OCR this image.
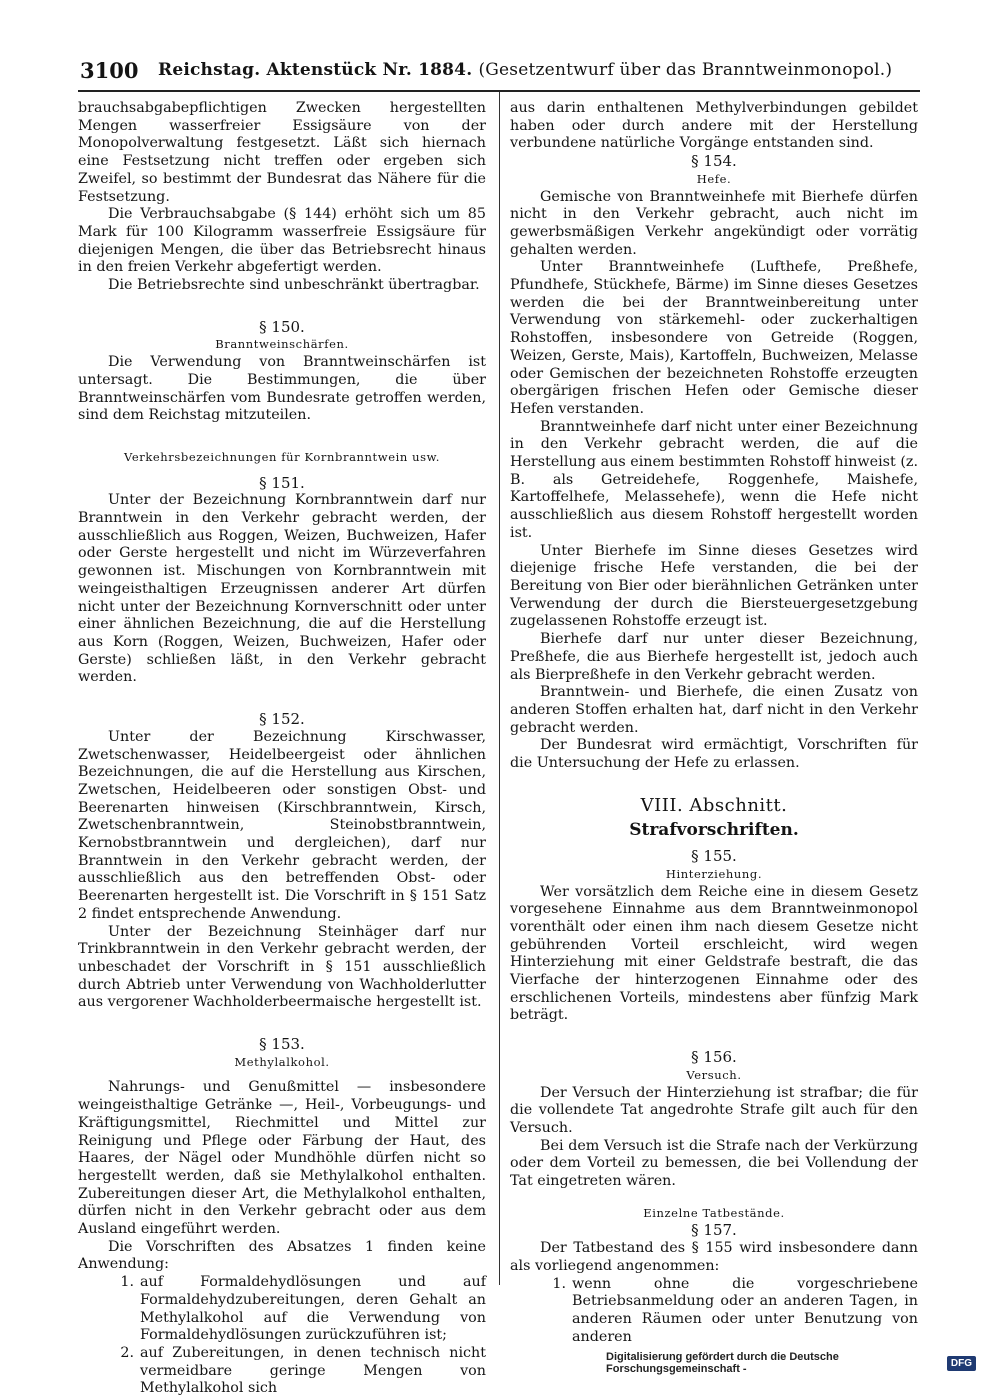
3100 Reichstag. Aktenstück Nr. 1884. (Gesetzentwurf über das Branntweinmonopol.)

brauchsabgabepflichtigen Zwecken hergestellten Mengen wasserfreier Essigsäure von der Monopolverwaltung festgesetzt. Läßt sich hiernach eine Festsetzung nicht treffen oder ergeben sich Zweifel, so bestimmt der Bundesrat das Nähere für die Festsetzung.

Die Verbrauchsabgabe (§ 144) erhöht sich um 85 Mark für 100 Kilogramm wasserfreie Essigsäure für diejenigen Mengen, die über das Betriebsrecht hinaus in den freien Verkehr abgefertigt werden.

Die Betriebsrechte sind unbeschränkt übertragbar.

§ 150.

Branntweinschärfen.

Die Verwendung von Branntweinschärfen ist untersagt. Die Bestimmungen, die über Branntweinschärfen vom Bundesrate getroffen werden, sind dem Reichstag mitzuteilen.

Verkehrsbezeichnungen für Kornbranntwein usw.

§ 151.

Unter der Bezeichnung Kornbranntwein darf nur Branntwein in den Verkehr gebracht werden, der ausschließlich aus Roggen, Weizen, Buchweizen, Hafer oder Gerste hergestellt und nicht im Würzeverfahren gewonnen ist. Mischungen von Kornbranntwein mit weingeisthaltigen Erzeugnissen anderer Art dürfen nicht unter der Bezeichnung Kornverschnitt oder unter einer ähnlichen Bezeichnung, die auf die Herstellung aus Korn (Roggen, Weizen, Buchweizen, Hafer oder Gerste) schließen läßt, in den Verkehr gebracht werden.

§ 152.

Unter der Bezeichnung Kirschwasser, Zwetschenwasser, Heidelbeergeist oder ähnlichen Bezeichnungen, die auf die Herstellung aus Kirschen, Zwetschen, Heidelbeeren oder sonstigen Obst- und Beerenarten hinweisen (Kirschbranntwein, Kirsch, Zwetschenbranntwein, Steinobstbranntwein, Kernobstbranntwein und dergleichen), darf nur Branntwein in den Verkehr gebracht werden, der ausschließlich aus den betreffenden Obst- oder Beerenarten hergestellt ist. Die Vorschrift in § 151 Satz 2 findet entsprechende Anwendung.

Unter der Bezeichnung Steinhäger darf nur Trinkbranntwein in den Verkehr gebracht werden, der unbeschadet der Vorschrift in § 151 ausschließlich durch Abtrieb unter Verwendung von Wachholderlutter aus vergorener Wachholderbeermaische hergestellt ist.

§ 153.

Methylalkohol.

Nahrungs- und Genußmittel — insbesondere weingeisthaltige Getränke —, Heil-, Vorbeugungs- und Kräftigungsmittel, Riechmittel und Mittel zur Reinigung und Pflege oder Färbung der Haut, des Haares, der Nägel oder Mundhöhle dürfen nicht so hergestellt werden, daß sie Methylalkohol enthalten. Zubereitungen dieser Art, die Methylalkohol enthalten, dürfen nicht in den Verkehr gebracht oder aus dem Ausland eingeführt werden.

Die Vorschriften des Absatzes 1 finden keine Anwendung:

1. auf Formaldehydlösungen und auf Formaldehydzubereitungen, deren Gehalt an Methylalkohol auf die Verwendung von Formaldehydlösungen zurückzuführen ist;
2. auf Zubereitungen, in denen technisch nicht vermeidbare geringe Mengen von Methylalkohol sich

aus darin enthaltenen Methylverbindungen gebildet haben oder durch andere mit der Herstellung verbundene natürliche Vorgänge entstanden sind.

§ 154.

Hefe.

Gemische von Branntweinhefe mit Bierhefe dürfen nicht in den Verkehr gebracht, auch nicht im gewerbsmäßigen Verkehr angekündigt oder vorrätig gehalten werden.

Unter Branntweinhefe (Lufthefe, Preßhefe, Pfundhefe, Stückhefe, Bärme) im Sinne dieses Gesetzes werden die bei der Branntweinbereitung unter Verwendung von stärkemehl- oder zuckerhaltigen Rohstoffen, insbesondere von Getreide (Roggen, Weizen, Gerste, Mais), Kartoffeln, Buchweizen, Melasse oder Gemischen der bezeichneten Rohstoffe erzeugten obergärigen frischen Hefen oder Gemische dieser Hefen verstanden.

Branntweinhefe darf nicht unter einer Bezeichnung in den Verkehr gebracht werden, die auf die Herstellung aus einem bestimmten Rohstoff hinweist (z. B. als Getreidehefe, Roggenhefe, Maishefe, Kartoffelhefe, Melassehefe), wenn die Hefe nicht ausschließlich aus diesem Rohstoff hergestellt worden ist.

Unter Bierhefe im Sinne dieses Gesetzes wird diejenige frische Hefe verstanden, die bei der Bereitung von Bier oder bierähnlichen Getränken unter Verwendung der durch die Biersteuergesetzgebung zugelassenen Rohstoffe erzeugt ist.

Bierhefe darf nur unter dieser Bezeichnung, Preßhefe, die aus Bierhefe hergestellt ist, jedoch auch als Bierpreßhefe in den Verkehr gebracht werden.

Branntwein- und Bierhefe, die einen Zusatz von anderen Stoffen erhalten hat, darf nicht in den Verkehr gebracht werden.

Der Bundesrat wird ermächtigt, Vorschriften für die Untersuchung der Hefe zu erlassen.

VIII. Abschnitt.

Strafvorschriften.

§ 155.

Hinterziehung.

Wer vorsätzlich dem Reiche eine in diesem Gesetz vorgesehene Einnahme aus dem Branntweinmonopol vorenthält oder einen ihm nach diesem Gesetze nicht gebührenden Vorteil erschleicht, wird wegen Hinterziehung mit einer Geldstrafe bestraft, die das Vierfache der hinterzogenen Einnahme oder des erschlichenen Vorteils, mindestens aber fünfzig Mark beträgt.

§ 156.

Versuch.

Der Versuch der Hinterziehung ist strafbar; die für die vollendete Tat angedrohte Strafe gilt auch für den Versuch.

Bei dem Versuch ist die Strafe nach der Verkürzung oder dem Vorteil zu bemessen, die bei Vollendung der Tat eingetreten wären.

Einzelne Tatbestände.

§ 157.

Der Tatbestand des § 155 wird insbesondere dann als vorliegend angenommen:

1. wenn ohne die vorgeschriebene Betriebsanmeldung oder an anderen Tagen, in anderen Räumen oder unter Benutzung von anderen
Digitalisierung gefördert durch die Deutsche Forschungsgemeinschaft -	DFG
